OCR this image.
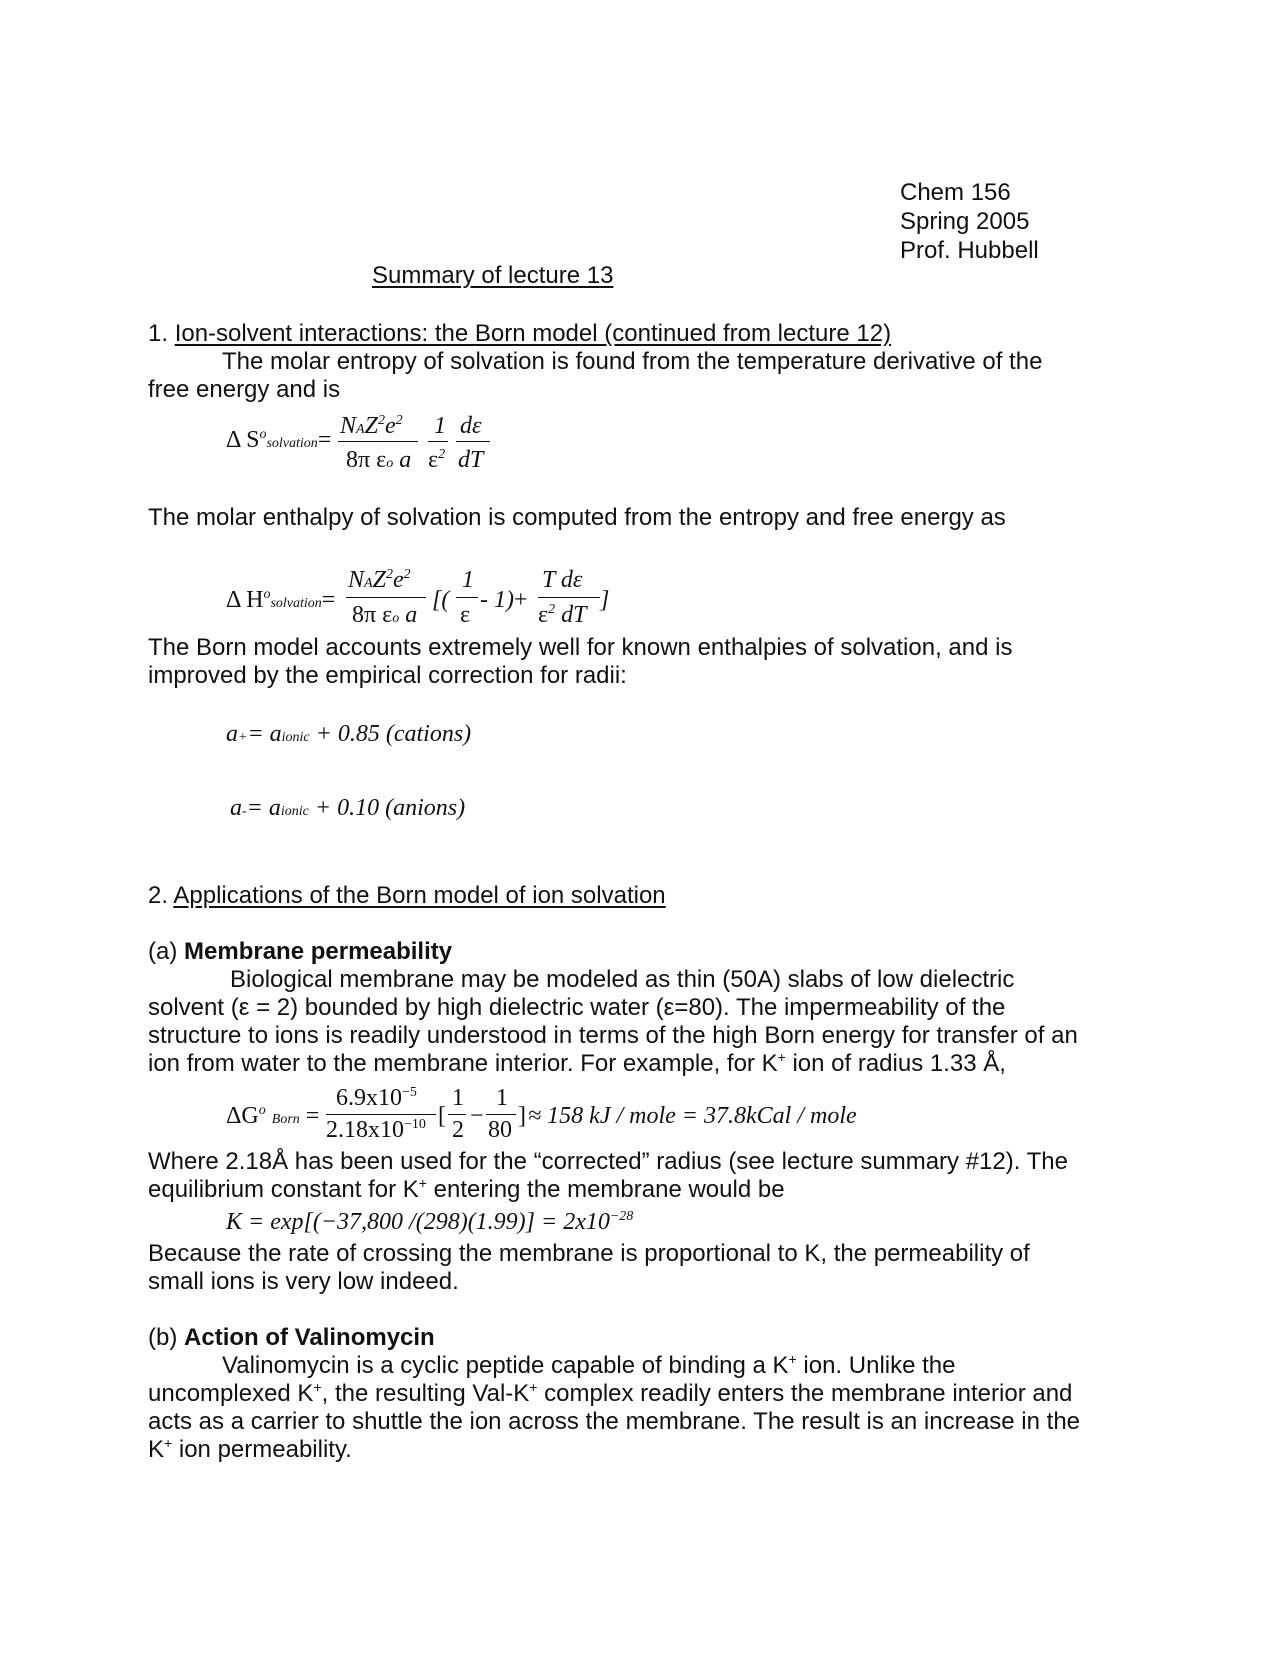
Chem 156
Spring 2005
Prof. Hubbell
Summary of lecture 13
1. Ion-solvent interactions: the Born model (continued from lecture 12)
The molar entropy of solvation is found from the temperature derivative of the
free energy and is
Δ $S^osolvation=$
$NAZ^2e^2$
8π εo a
1
$\varepsilon^2$
dε
dT
The molar enthalpy of solvation is computed from the entropy and free energy as
Δ $H^osolvation=$
$NAZ^2e^2$
8π εo a
[(
1
ε
- 1)+
T dε
$\varepsilon^2$ dT
]
The Born model accounts extremely well for known enthalpies of solvation, and is
improved by the empirical correction for radii:
a+= aionic + 0.85 (cations)
a-= aionic + 0.10 (anions)
2. Applications of the Born model of ion solvation
(a) Membrane permeability
Biological membrane may be modeled as thin (50A) slabs of low dielectric
solvent (ε = 2) bounded by high dielectric water (ε=80). The impermeability of the
structure to ions is readily understood in terms of the high Born energy for transfer of an
ion from water to the membrane interior. For example, for K+ ion of radius 1.33 Å,
$\Delta G^o$ Born =
$6.9x10^{-5}$
$2.18x10^{-10}$ [
1
2
−
1
80
] ≈ 158 kJ / mole = 37.8kCal / mole
Where 2.18Å has been used for the “corrected” radius (see lecture summary #12). The
equilibrium constant for K+ entering the membrane would be
K = exp[(−37,800 $/(298)(1.99)] = 2x10^{-28}$
Because the rate of crossing the membrane is proportional to K, the permeability of
small ions is very low indeed.
(b) Action of Valinomycin
Valinomycin is a cyclic peptide capable of binding a K+ ion. Unlike the
uncomplexed K+, the resulting Val-K+ complex readily enters the membrane interior and
acts as a carrier to shuttle the ion across the membrane. The result is an increase in the
K+ ion permeability.
